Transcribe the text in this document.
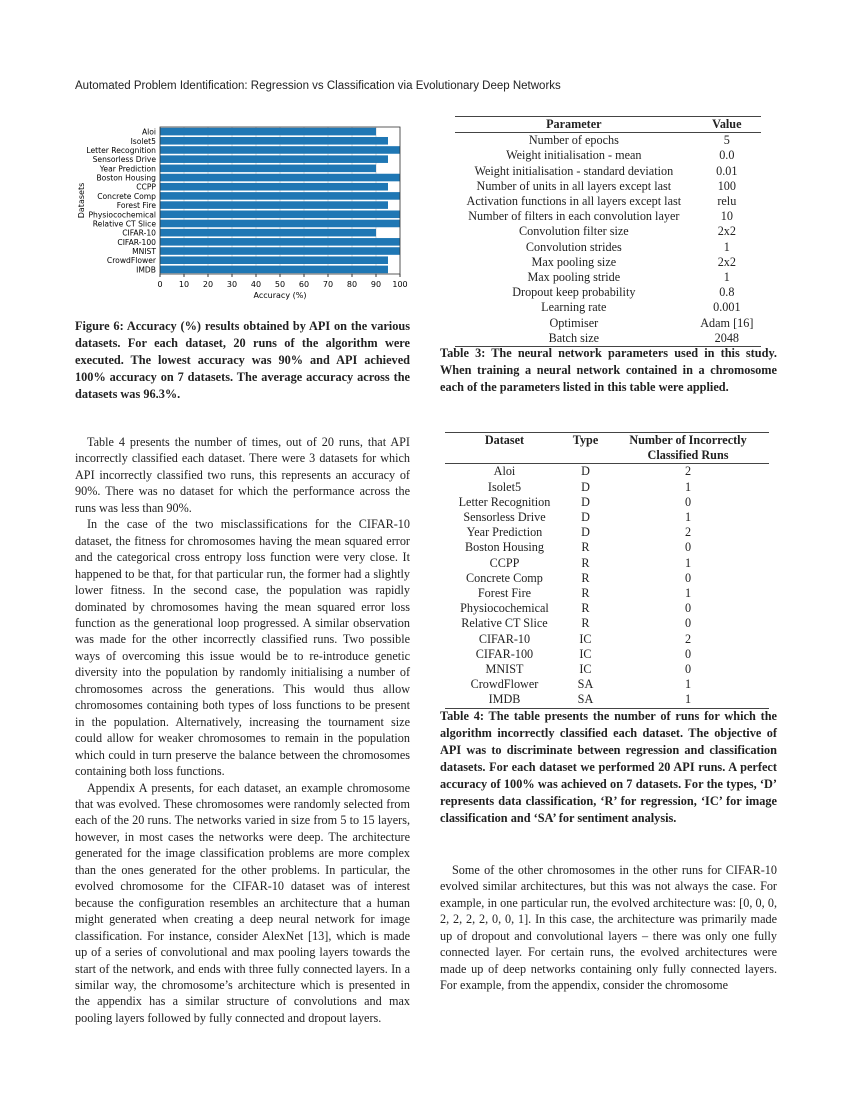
Automated Problem Identification: Regression vs Classification via Evolutionary Deep Networks
0 10 20 30 40 50 60 70 80 90 100
Aloi
Isolet5
Letter Recognition
Sensorless Drive
Year Prediction
Boston Housing
CCPP
Concrete Comp
Forest Fire
Physiocochemical
Relative CT Slice
CIFAR-10
CIFAR-100
MNIST
CrowdFlower
IMDB
Accuracy (%)
Datasets
Figure 6: Accuracy (%) results obtained by API on the various datasets. For each dataset, 20 runs of the algorithm were executed. The lowest accuracy was 90% and API achieved 100% accuracy on 7 datasets. The average accuracy across the datasets was 96.3%.
Parameter	Value
Number of epochs	5
Weight initialisation - mean	0.0
Weight initialisation - standard deviation	0.01
Number of units in all layers except last	100
Activation functions in all layers except last	relu
Number of filters in each convolution layer	10
Convolution filter size	2x2
Convolution strides	1
Max pooling size	2x2
Max pooling stride	1
Dropout keep probability	0.8
Learning rate	0.001
Optimiser	Adam [16]
Batch size	2048
Table 3: The neural network parameters used in this study. When training a neural network contained in a chromosome each of the parameters listed in this table were applied.
Dataset	Type	Number of Incorrectly Classified Runs
Aloi	D	2
Isolet5	D	1
Letter Recognition	D	0
Sensorless Drive	D	1
Year Prediction	D	2
Boston Housing	R	0
CCPP	R	1
Concrete Comp	R	0
Forest Fire	R	1
Physiocochemical	R	0
Relative CT Slice	R	0
CIFAR-10	IC	2
CIFAR-100	IC	0
MNIST	IC	0
CrowdFlower	SA	1
IMDB	SA	1
Table 4: The table presents the number of runs for which the algorithm incorrectly classified each dataset. The objective of API was to discriminate between regression and classification datasets. For each dataset we performed 20 API runs. A perfect accuracy of 100% was achieved on 7 datasets. For the types, ‘D’ represents data classification, ‘R’ for regression, ‘IC’ for image classification and ‘SA’ for sentiment analysis.

Table 4 presents the number of times, out of 20 runs, that API incorrectly classified each dataset. There were 3 datasets for which API incorrectly classified two runs, this represents an accuracy of 90%. There was no dataset for which the performance across the runs was less than 90%.

In the case of the two misclassifications for the CIFAR-10 dataset, the fitness for chromosomes having the mean squared error and the categorical cross entropy loss function were very close. It happened to be that, for that particular run, the former had a slightly lower fitness. In the second case, the population was rapidly dominated by chromosomes having the mean squared error loss function as the generational loop progressed. A similar observation was made for the other incorrectly classified runs. Two possible ways of overcoming this issue would be to re-introduce genetic diversity into the population by randomly initialising a number of chromosomes across the generations. This would thus allow chromosomes containing both types of loss functions to be present in the population. Alternatively, increasing the tournament size could allow for weaker chromosomes to remain in the population which could in turn preserve the balance between the chromosomes containing both loss functions.

Appendix A presents, for each dataset, an example chromosome that was evolved. These chromosomes were randomly selected from each of the 20 runs. The networks varied in size from 5 to 15 layers, however, in most cases the networks were deep. The architecture generated for the image classification problems are more complex than the ones generated for the other problems. In particular, the evolved chromosome for the CIFAR-10 dataset was of interest because the configuration resembles an architecture that a human might generated when creating a deep neural network for image classification. For instance, consider AlexNet [13], which is made up of a series of convolutional and max pooling layers towards the start of the network, and ends with three fully connected layers. In a similar way, the chromosome’s architecture which is presented in the appendix has a similar structure of convolutions and max pooling layers followed by fully connected and dropout layers.

Some of the other chromosomes in the other runs for CIFAR-10 evolved similar architectures, but this was not always the case. For example, in one particular run, the evolved architecture was: [0, 0, 0, 2, 2, 2, 2, 0, 0, 1]. In this case, the architecture was primarily made up of dropout and convolutional layers – there was only one fully connected layer. For certain runs, the evolved architectures were made up of deep networks containing only fully connected layers. For example, from the appendix, consider the chromosome
